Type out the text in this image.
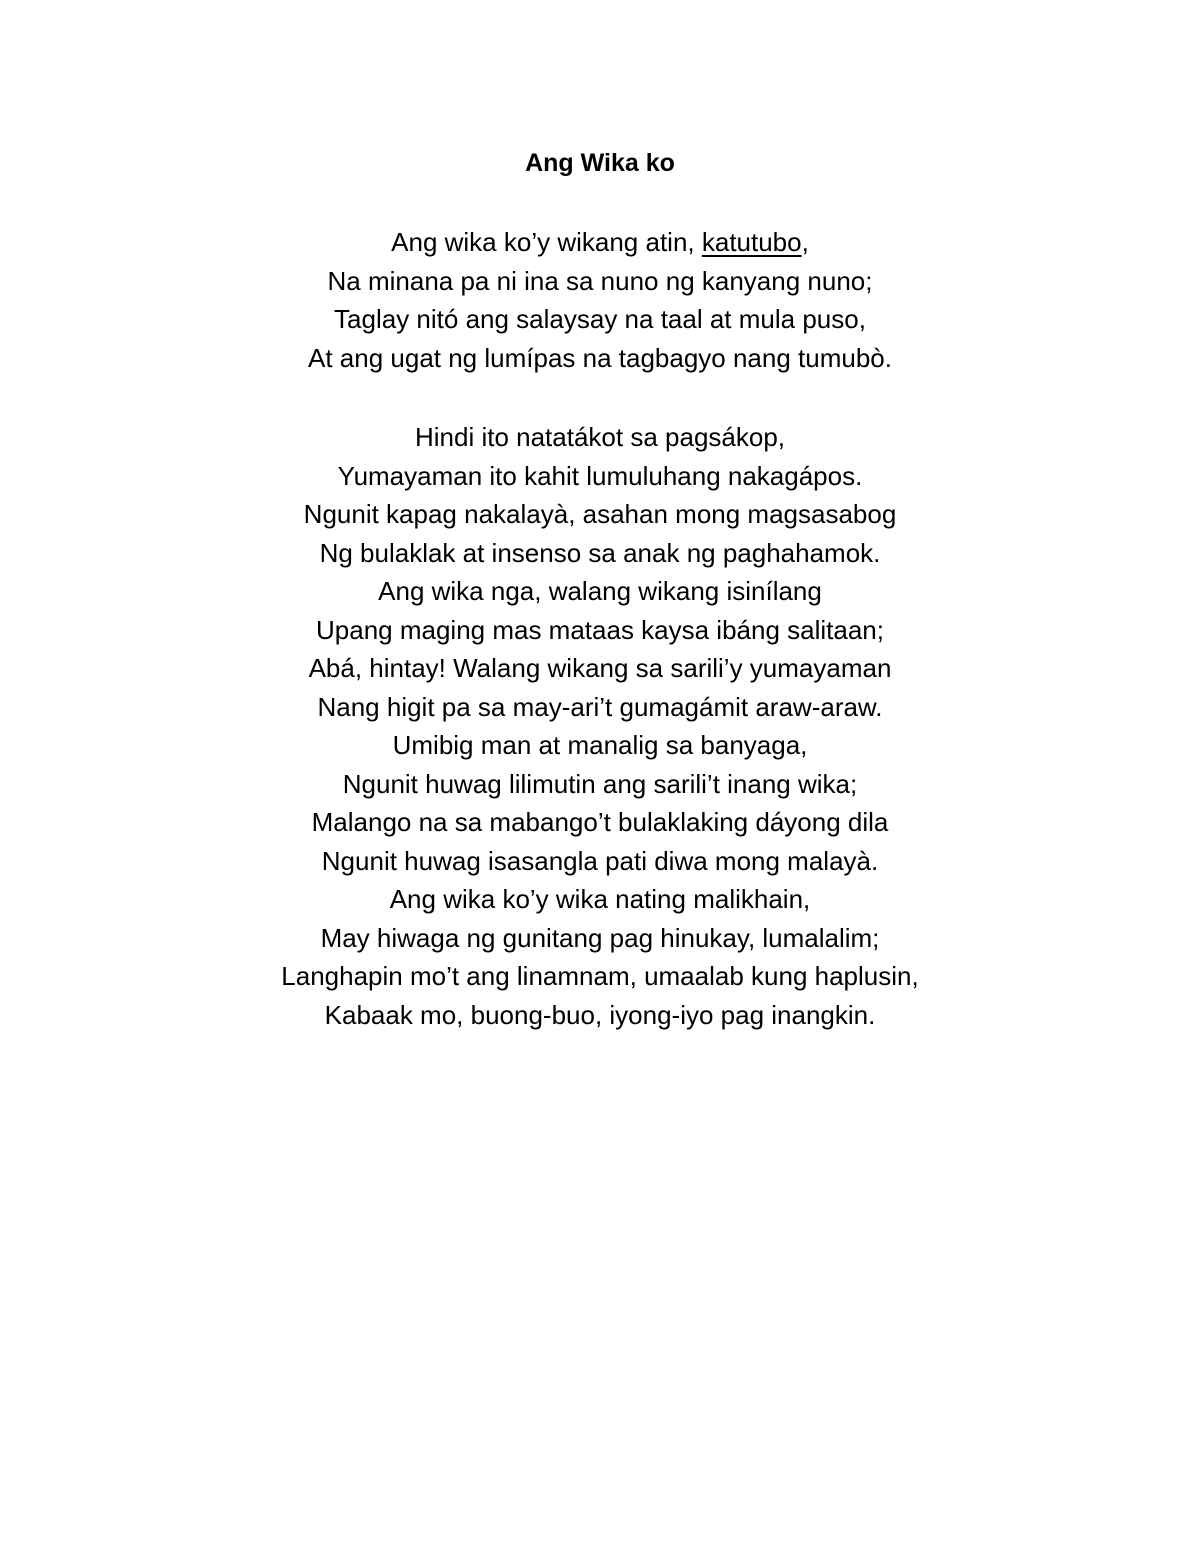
Ang Wika ko
Ang wika ko’y wikang atin, katutubo,
Na minana pa ni ina sa nuno ng kanyang nuno;
Taglay nitó ang salaysay na taal at mula puso,
At ang ugat ng lumípas na tagbagyo nang tumubò.
Hindi ito natatákot sa pagsákop,
Yumayaman ito kahit lumuluhang nakagápos.
Ngunit kapag nakalayà, asahan mong magsasabog
Ng bulaklak at insenso sa anak ng paghahamok.
Ang wika nga, walang wikang isinílang
Upang maging mas mataas kaysa ibáng salitaan;
Abá, hintay! Walang wikang sa sarili’y yumayaman
Nang higit pa sa may-ari’t gumagámit araw-araw.
Umibig man at manalig sa banyaga,
Ngunit huwag lilimutin ang sarili’t inang wika;
Malango na sa mabango’t bulaklaking dáyong dila
Ngunit huwag isasangla pati diwa mong malayà.
Ang wika ko’y wika nating malikhain,
May hiwaga ng gunitang pag hinukay, lumalalim;
Langhapin mo’t ang linamnam, umaalab kung haplusin,
Kabaak mo, buong-buo, iyong-iyo pag inangkin.
